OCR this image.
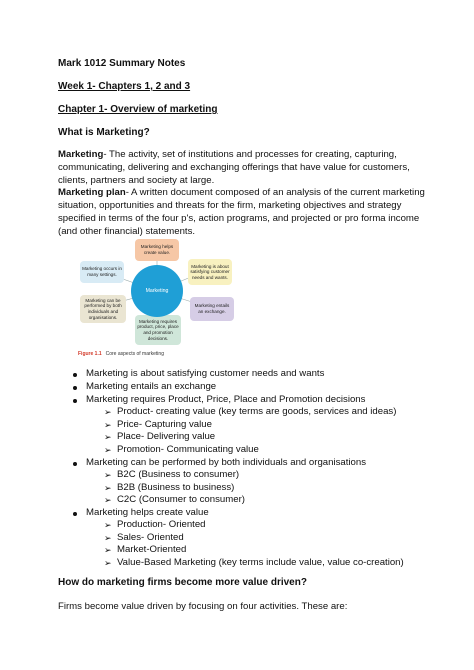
Mark 1012 Summary Notes
Week 1- Chapters 1, 2 and 3
Chapter 1- Overview of marketing
What is Marketing?
Marketing- The activity, set of institutions and processes for creating, capturing, communicating, delivering and exchanging offerings that have value for customers, clients, partners and society at large.
Marketing plan- A written document composed of an analysis of the current marketing situation, opportunities and threats for the firm, marketing objectives and strategy specified in terms of the four p's, action programs, and projected or pro forma income (and other financial) statements.
Marketing helps create value.
Marketing is about satisfying customer needs and wants.
Marketing entails an exchange.
Marketing requires product, price, place and promotion decisions.
Marketing can be performed by both individuals and organisations.
Marketing occurs in many settings.
Marketing
Figure 1.1 Core aspects of marketing
Marketing is about satisfying customer needs and wants
Marketing entails an exchange
Marketing requires Product, Price, Place and Promotion decisions
➢ Product- creating value (key terms are goods, services and ideas)
➢ Price- Capturing value
➢ Place- Delivering value
➢ Promotion- Communicating value
Marketing can be performed by both individuals and organisations
➢ B2C (Business to consumer)
➢ B2B (Business to business)
➢ C2C (Consumer to consumer)
Marketing helps create value
➢ Production- Oriented
➢ Sales- Oriented
➢ Market-Oriented
➢ Value-Based Marketing (key terms include value, value co-creation)
How do marketing firms become more value driven?
Firms become value driven by focusing on four activities. These are:
